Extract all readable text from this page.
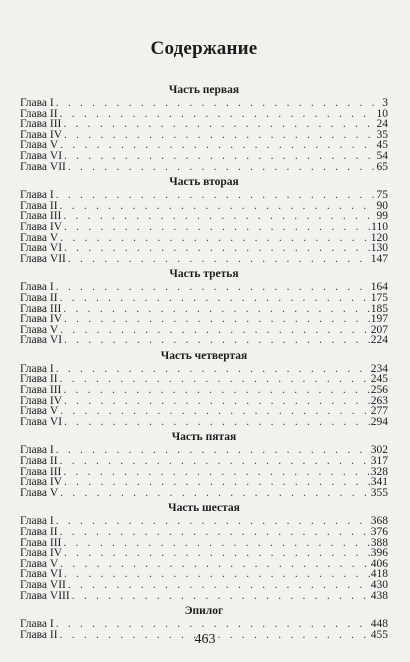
Содержание
Часть первая
Глава I . . .	3
Глава II . . .	10
Глава III . . .	24
Глава IV . . .	35
Глава V . . .	45
Глава VI . . .	54
Глава VII . . .	65
Часть вторая
Глава I . . .	75
Глава II . . .	90
Глава III . . .	99
Глава IV . . .	110
Глава V . . .	120
Глава VI . . .	130
Глава VII . . .	147
Часть третья
Глава I . . .	164
Глава II . . .	175
Глава III . . .	185
Глава IV . . .	197
Глава V . . .	207
Глава VI . . .	224
Часть четвертая
Глава I . . .	234
Глава II . . .	245
Глава III . . .	256
Глава IV . . .	263
Глава V . . .	277
Глава VI . . .	294
Часть пятая
Глава I . . .	302
Глава II . . .	317
Глава III . . .	328
Глава IV . . .	341
Глава V . . .	355
Часть шестая
Глава I . . .	368
Глава II . . .	376
Глава III . . .	388
Глава IV . . .	396
Глава V . . .	406
Глава VI . . .	418
Глава VII . . .	430
Глава VIII . . .	438
Эпилог
Глава I . . .	448
Глава II . . .	455
463
